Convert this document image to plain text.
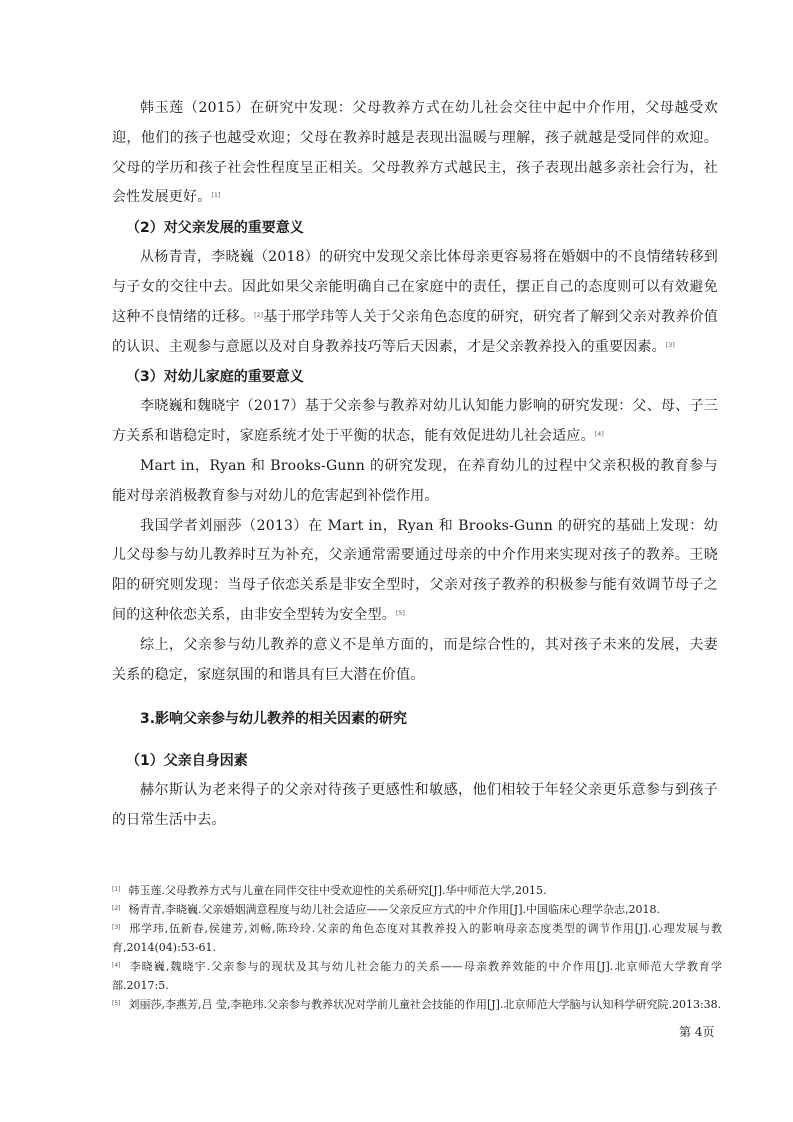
韩玉莲（2015）在研究中发现：父母教养方式在幼儿社会交往中起中介作用，父母越受欢迎，他们的孩子也越受欢迎；父母在教养时越是表现出温暖与理解，孩子就越是受同伴的欢迎。父母的学历和孩子社会性程度呈正相关。父母教养方式越民主，孩子表现出越多亲社会行为，社会性发展更好。[1]

（2）对父亲发展的重要意义

从杨青青，李晓巍（2018）的研究中发现父亲比体母亲更容易将在婚姻中的不良情绪转移到与子女的交往中去。因此如果父亲能明确自己在家庭中的责任，摆正自己的态度则可以有效避免这种不良情绪的迁移。[2]基于邢学玮等人关于父亲角色态度的研究，研究者了解到父亲对教养价值的认识、主观参与意愿以及对自身教养技巧等后天因素，才是父亲教养投入的重要因素。[3]

（3）对幼儿家庭的重要意义

李晓巍和魏晓宇（2017）基于父亲参与教养对幼儿认知能力影响的研究发现：父、母、子三方关系和谐稳定时，家庭系统才处于平衡的状态，能有效促进幼儿社会适应。[4]

Mart in，Ryan 和 Brooks-Gunn 的研究发现，在养育幼儿的过程中父亲积极的教育参与能对母亲消极教育参与对幼儿的危害起到补偿作用。

我国学者刘丽莎（2013）在 Mart in，Ryan 和 Brooks-Gunn 的研究的基础上发现：幼儿父母参与幼儿教养时互为补充，父亲通常需要通过母亲的中介作用来实现对孩子的教养。王晓阳的研究则发现：当母子依恋关系是非安全型时，父亲对孩子教养的积极参与能有效调节母子之间的这种依恋关系，由非安全型转为安全型。[5]

综上，父亲参与幼儿教养的意义不是单方面的，而是综合性的，其对孩子未来的发展，夫妻关系的稳定，家庭氛围的和谐具有巨大潜在价值。

3.影响父亲参与幼儿教养的相关因素的研究

（1）父亲自身因素

赫尔斯认为老来得子的父亲对待孩子更感性和敏感，他们相较于年轻父亲更乐意参与到孩子的日常生活中去。

[1] 韩玉莲.父母教养方式与儿童在同伴交往中受欢迎性的关系研究[J].华中师范大学,2015.

[2] 杨青青,李晓巍.父亲婚姻满意程度与幼儿社会适应——父亲反应方式的中介作用[J].中国临床心理学杂志,2018.

[3] 邢学玮,伍新春,侯建芳,刘畅,陈玲玲.父亲的角色态度对其教养投入的影响母亲态度类型的调节作用[J].心理发展与教育,2014(04):53-61.

[4] 李晓巍,魏晓宇.父亲参与的现状及其与幼儿社会能力的关系——母亲教养效能的中介作用[J].北京师范大学教育学部.2017:5.

[5] 刘丽莎,李燕芳,吕 莹,李艳玮.父亲参与教养状况对学前儿童社会技能的作用[J].北京师范大学脑与认知科学研究院.2013:38.

第 4页
